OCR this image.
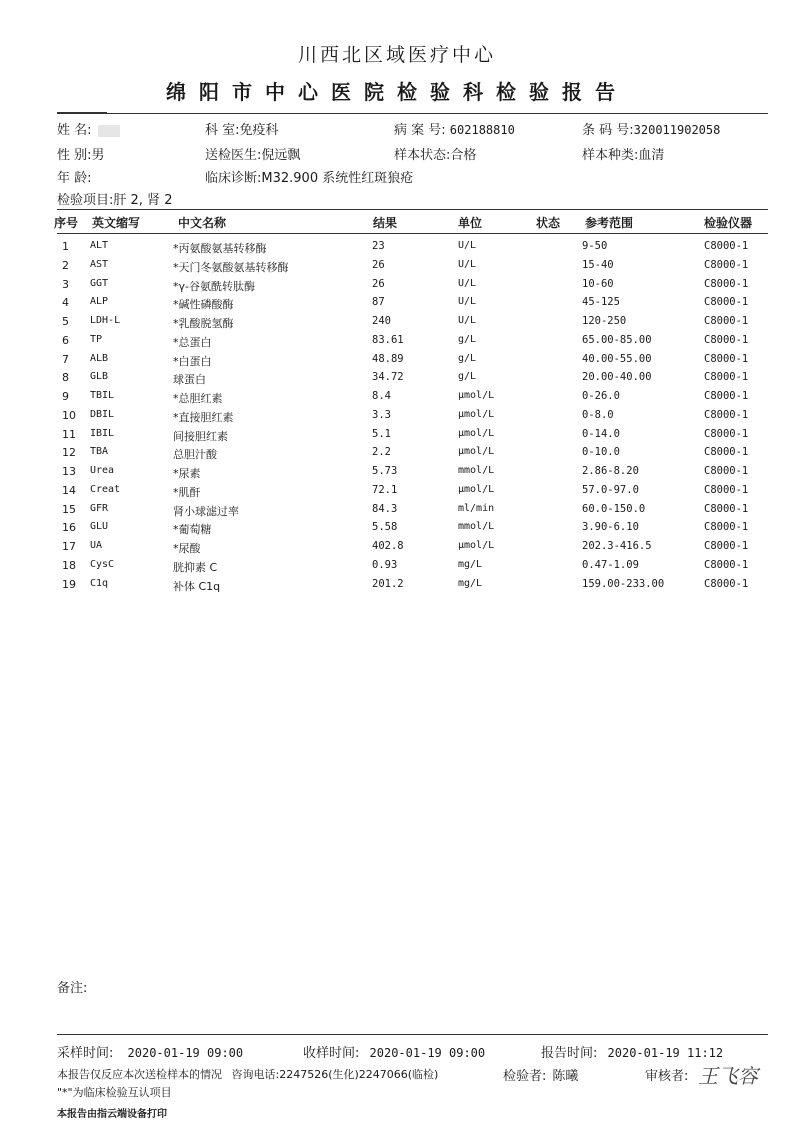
川西北区域医疗中心
绵阳市中心医院检验科检验报告
姓 名:	科 室:免疫科	病 案 号: 602188810	条 码 号:320011902058
性 别:男	送检医生:倪远飘	样本状态:合格	样本种类:血清
年 龄:	临床诊断:M32.900 系统性红斑狼疮
检验项目:肝 2, 肾 2
序号 英文缩写	中文名称	结果	单位	状态 参考范围	检验仪器
1 ALT	*丙氨酸氨基转移酶	23	U/L	9-50	C8000-1
2 AST	*天门冬氨酸氨基转移酶	26	U/L	15-40	C8000-1
3 GGT	*γ-谷氨酰转肽酶	26	U/L	10-60	C8000-1
4 ALP	*碱性磷酸酶	87	U/L	45-125	C8000-1
5 LDH-L	*乳酸脱氢酶	240	U/L	120-250	C8000-1
6 TP	*总蛋白	83.61	g/L	65.00-85.00	C8000-1
7 ALB	*白蛋白	48.89	g/L	40.00-55.00	C8000-1
8 GLB	球蛋白	34.72	g/L	20.00-40.00	C8000-1
9 TBIL	*总胆红素	8.4	μmol/L	0-26.0	C8000-1
10 DBIL	*直接胆红素	3.3	μmol/L	0-8.0	C8000-1
11 IBIL	间接胆红素	5.1	μmol/L	0-14.0	C8000-1
12 TBA	总胆汁酸	2.2	μmol/L	0-10.0	C8000-1
13 Urea	*尿素	5.73	mmol/L	2.86-8.20	C8000-1
14 Creat	*肌酐	72.1	μmol/L	57.0-97.0	C8000-1
15 GFR	肾小球滤过率	84.3	ml/min	60.0-150.0	C8000-1
16 GLU	*葡萄糖	5.58	mmol/L	3.90-6.10	C8000-1
17 UA	*尿酸	402.8	μmol/L	202.3-416.5	C8000-1
18 CysC	胱抑素 C	0.93	mg/L	0.47-1.09	C8000-1
19 C1q	补体 C1q	201.2	mg/L	159.00-233.00	C8000-1
备注:
采样时间: 2020-01-19 09:00	收样时间: 2020-01-19 09:00	报告时间: 2020-01-19 11:12
本报告仅反应本次送检样本的情况 咨询电话:2247526(生化)2247066(临检)	检验者: 陈曦	审核者: 王飞容
"*"为临床检验互认项目
本报告由指云端设备打印
